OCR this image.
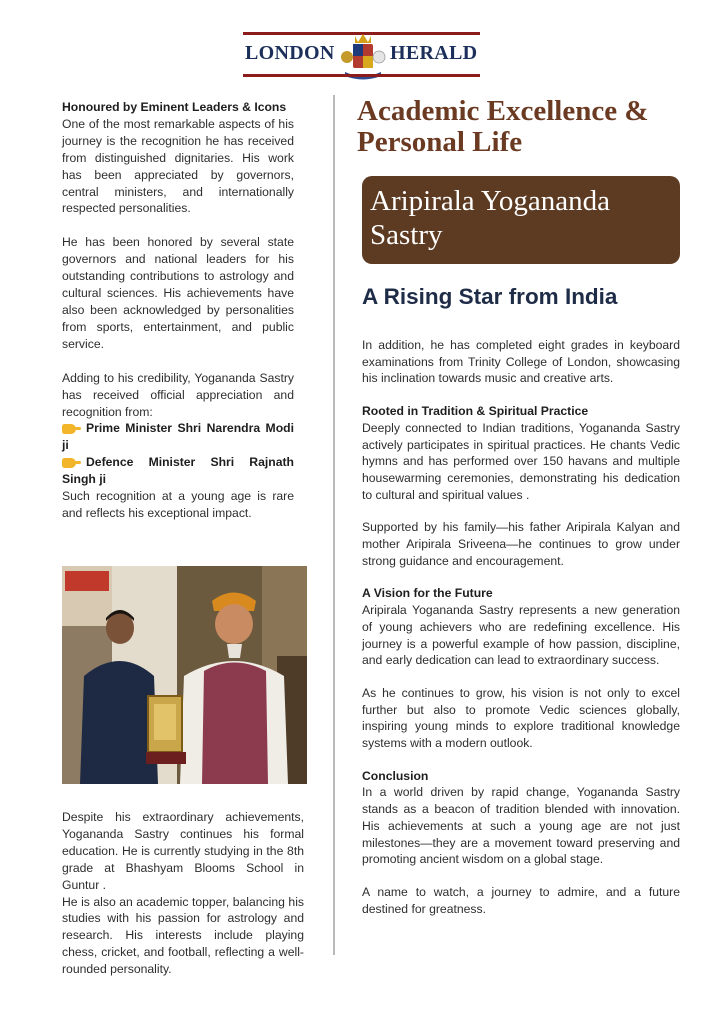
LONDON	HERALD
Honoured by Eminent Leaders & Icons

One of the most remarkable aspects of his journey is the recognition he has received from distinguished dignitaries. His work has been appreciated by governors, central ministers, and internationally respected personalities.

He has been honored by several state governors and national leaders for his outstanding contributions to astrology and cultural sciences. His achievements have also been acknowledged by personalities from sports, entertainment, and public service.

Adding to his credibility, Yogananda Sastry has received official appreciation and recognition from:

Prime Minister Shri Narendra Modi ji

Defence Minister Shri Rajnath Singh ji

Such recognition at a young age is rare and reflects his exceptional impact.

Despite his extraordinary achievements, Yogananda Sastry continues his formal education. He is currently studying in the 8th grade at Bhashyam Blooms School in Guntur .

He is also an academic topper, balancing his studies with his passion for astrology and research. His interests include playing chess, cricket, and football, reflecting a well-rounded personality.

Academic Excellence & Personal Life
Aripirala Yogananda Sastry
A Rising Star from India

In addition, he has completed eight grades in keyboard examinations from Trinity College of London, showcasing his inclination towards music and creative arts.

Rooted in Tradition & Spiritual Practice

Deeply connected to Indian traditions, Yogananda Sastry actively participates in spiritual practices. He chants Vedic hymns and has performed over 150 havans and multiple housewarming ceremonies, demonstrating his dedication to cultural and spiritual values .

Supported by his family—his father Aripirala Kalyan and mother Aripirala Sriveena—he continues to grow under strong guidance and encouragement.

A Vision for the Future

Aripirala Yogananda Sastry represents a new generation of young achievers who are redefining excellence. His journey is a powerful example of how passion, discipline, and early dedication can lead to extraordinary success.

As he continues to grow, his vision is not only to excel further but also to promote Vedic sciences globally, inspiring young minds to explore traditional knowledge systems with a modern outlook.

Conclusion

In a world driven by rapid change, Yogananda Sastry stands as a beacon of tradition blended with innovation. His achievements at such a young age are not just milestones—they are a movement toward preserving and promoting ancient wisdom on a global stage.

A name to watch, a journey to admire, and a future destined for greatness.
